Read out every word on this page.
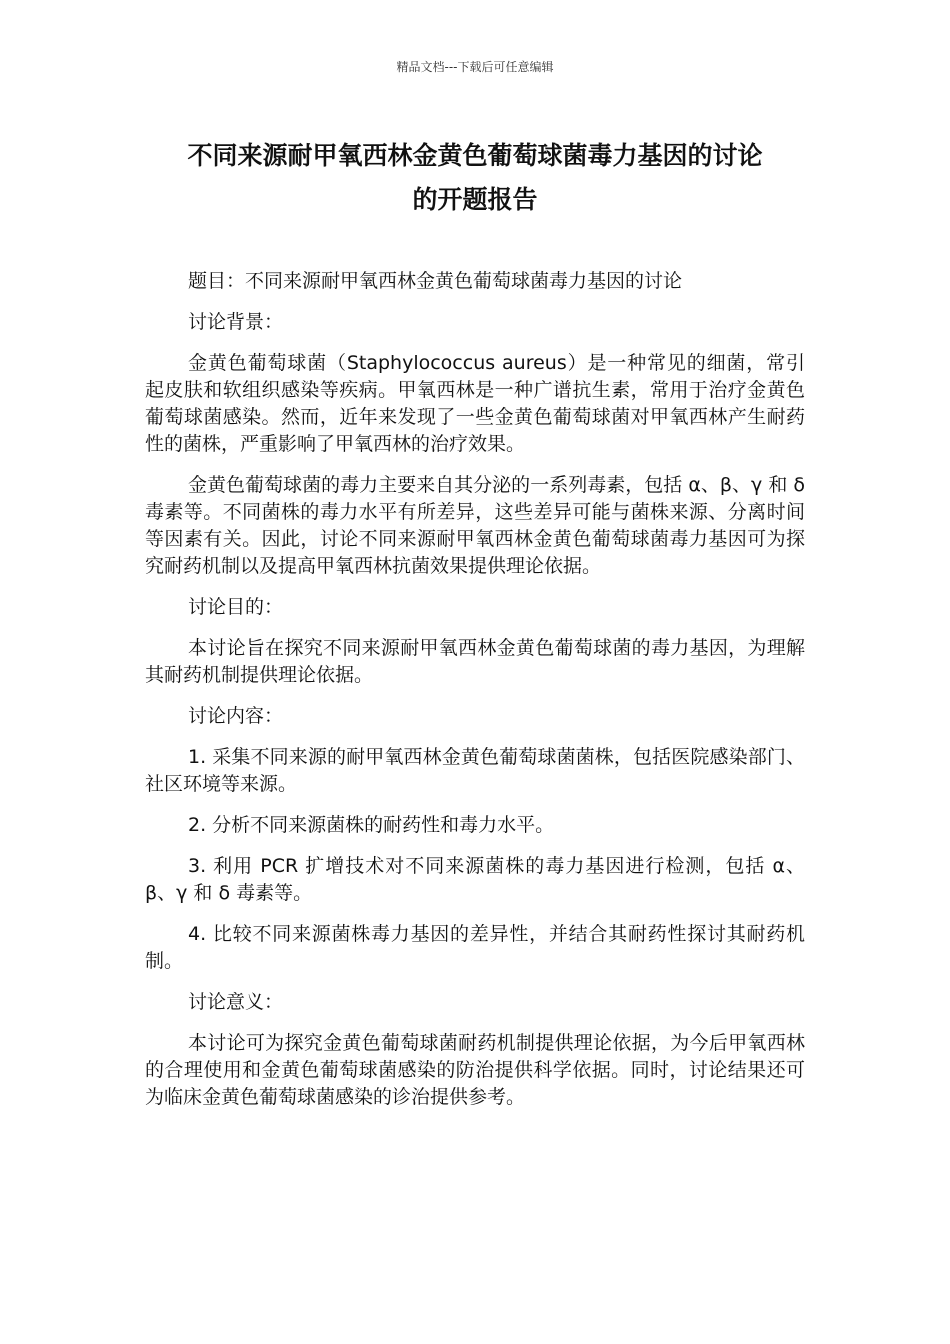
精品文档---下载后可任意编辑
不同来源耐甲氧西林金黄色葡萄球菌毒力基因的讨论
的开题报告

题目：不同来源耐甲氧西林金黄色葡萄球菌毒力基因的讨论

讨论背景：

金黄色葡萄球菌（Staphylococcus aureus）是一种常见的细菌，常引起皮肤和软组织感染等疾病。甲氧西林是一种广谱抗生素，常用于治疗金黄色葡萄球菌感染。然而，近年来发现了一些金黄色葡萄球菌对甲氧西林产生耐药性的菌株，严重影响了甲氧西林的治疗效果。

金黄色葡萄球菌的毒力主要来自其分泌的一系列毒素，包括 α、β、γ 和 δ 毒素等。不同菌株的毒力水平有所差异，这些差异可能与菌株来源、分离时间等因素有关。因此，讨论不同来源耐甲氧西林金黄色葡萄球菌毒力基因可为探究耐药机制以及提高甲氧西林抗菌效果提供理论依据。

讨论目的：

本讨论旨在探究不同来源耐甲氧西林金黄色葡萄球菌的毒力基因，为理解其耐药机制提供理论依据。

讨论内容：

1. 采集不同来源的耐甲氧西林金黄色葡萄球菌菌株，包括医院感染部门、社区环境等来源。

2. 分析不同来源菌株的耐药性和毒力水平。

3. 利用 PCR 扩增技术对不同来源菌株的毒力基因进行检测，包括 α、β、γ 和 δ 毒素等。

4. 比较不同来源菌株毒力基因的差异性，并结合其耐药性探讨其耐药机制。

讨论意义：

本讨论可为探究金黄色葡萄球菌耐药机制提供理论依据，为今后甲氧西林的合理使用和金黄色葡萄球菌感染的防治提供科学依据。同时，讨论结果还可为临床金黄色葡萄球菌感染的诊治提供参考。
